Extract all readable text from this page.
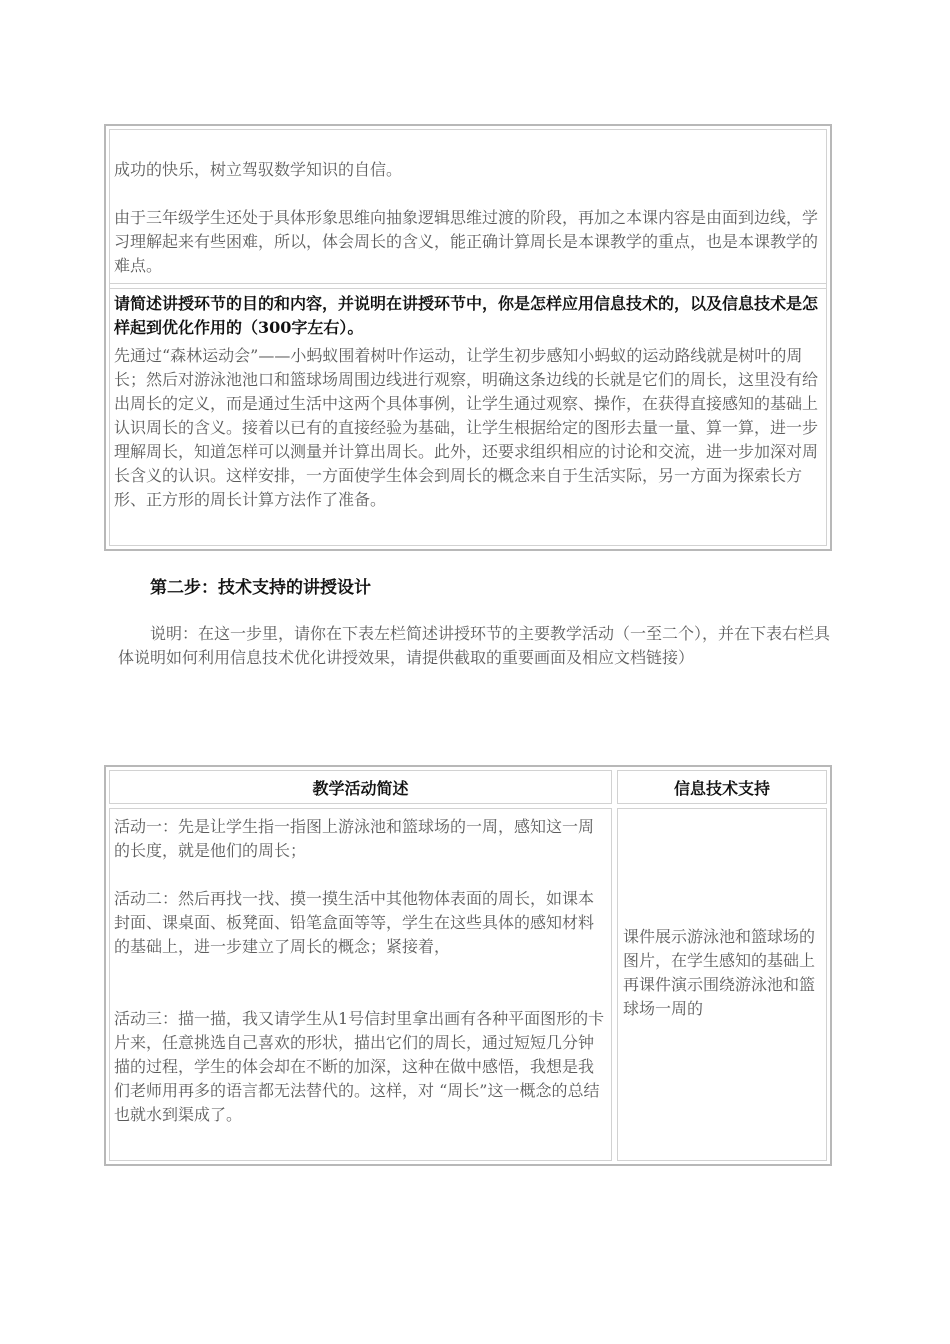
成功的快乐，树立驾驭数学知识的自信。
由于三年级学生还处于具体形象思维向抽象逻辑思维过渡的阶段，再加之本课内容是由面到边线，学习理解起来有些困难，所以，体会周长的含义，能正确计算周长是本课教学的重点，也是本课教学的难点。
请简述讲授环节的目的和内容，并说明在讲授环节中，你是怎样应用信息技术的，以及信息技术是怎样起到优化作用的（300字左右）。
先通过“森林运动会”——小蚂蚁围着树叶作运动，让学生初步感知小蚂蚁的运动路线就是树叶的周长；然后对游泳池池口和篮球场周围边线进行观察，明确这条边线的长就是它们的周长，这里没有给出周长的定义，而是通过生活中这两个具体事例，让学生通过观察、操作，在获得直接感知的基础上认识周长的含义。接着以已有的直接经验为基础，让学生根据给定的图形去量一量、算一算，进一步理解周长，知道怎样可以测量并计算出周长。此外，还要求组织相应的讨论和交流，进一步加深对周长含义的认识。这样安排，一方面使学生体会到周长的概念来自于生活实际，另一方面为探索长方形、正方形的周长计算方法作了准备。
第二步：技术支持的讲授设计
说明：在这一步里，请你在下表左栏简述讲授环节的主要教学活动（一至二个），并在下表右栏具体说明如何利用信息技术优化讲授效果，请提供截取的重要画面及相应文档链接）
教学活动简述	信息技术支持
活动一：先是让学生指一指图上游泳池和篮球场的一周，感知这一周的长度，就是他们的周长；
活动二：然后再找一找、摸一摸生活中其他物体表面的周长，如课本封面、课桌面、板凳面、铅笔盒面等等，学生在这些具体的感知材料的基础上，进一步建立了周长的概念；紧接着，
活动三：描一描，我又请学生从1号信封里拿出画有各种平面图形的卡片来，任意挑选自己喜欢的形状，描出它们的周长，通过短短几分钟描的过程，学生的体会却在不断的加深，这种在做中感悟，我想是我们老师用再多的语言都无法替代的。这样，对 “周长”这一概念的总结也就水到渠成了。
课件展示游泳池和篮球场的图片，在学生感知的基础上再课件演示围绕游泳池和篮球场一周的
